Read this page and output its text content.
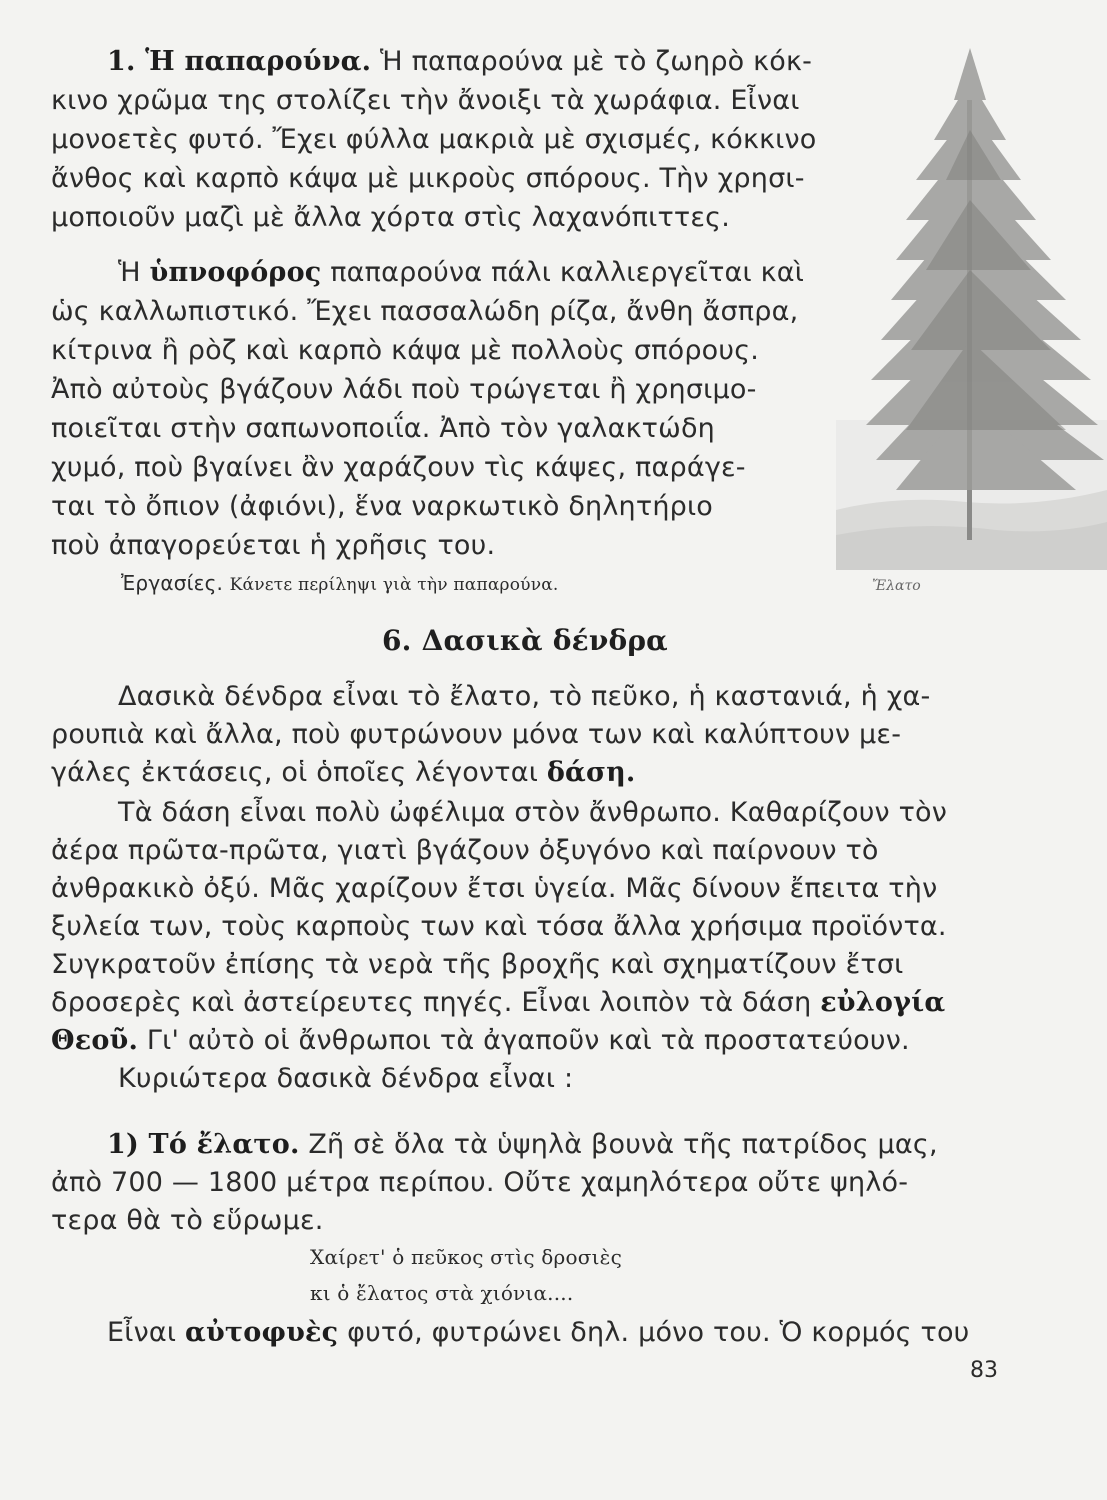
Ἔλατο
1. Ἡ παπαρούνα. Ἡ παπαρούνα μὲ τὸ ζωηρὸ κόκ-
κινο χρῶμα της στολίζει τὴν ἄνοιξι τὰ χωράφια. Εἶναι
μονοετὲς φυτό. Ἔχει φύλλα μακριὰ μὲ σχισμές, κόκκινο
ἄνθος καὶ καρπὸ κάψα μὲ μικροὺς σπόρους. Τὴν χρησι-
μοποιοῦν μαζὶ μὲ ἄλλα χόρτα στὶς λαχανόπιττες.
Ἡ ὑπνοφόρος παπαρούνα πάλι καλλιεργεῖται καὶ
ὡς καλλωπιστικό. Ἔχει πασσαλώδη ρίζα, ἄνθη ἄσπρα,
κίτρινα ἢ ρὸζ καὶ καρπὸ κάψα μὲ πολλοὺς σπόρους.
Ἀπὸ αὐτοὺς βγάζουν λάδι ποὺ τρώγεται ἢ χρησιμο-
ποιεῖται στὴν σαπωνοποιΐα. Ἀπὸ τὸν γαλακτώδη
χυμό, ποὺ βγαίνει ἂν χαράζουν τὶς κάψες, παράγε-
ται τὸ ὄπιον (ἀφιόνι), ἕνα ναρκωτικὸ δηλητήριο
ποὺ ἀπαγορεύεται ἡ χρῆσις του.
Ἐργασίες. Κάνετε περίληψι γιὰ τὴν παπαρούνα.
6. Δασικὰ δένδρα
Δασικὰ δένδρα εἶναι τὸ ἔλατο, τὸ πεῦκο, ἡ καστανιά, ἡ χα-
ρουπιὰ καὶ ἄλλα, ποὺ φυτρώνουν μόνα των καὶ καλύπτουν με-
γάλες ἐκτάσεις, οἱ ὁποῖες λέγονται δάση.
Τὰ δάση εἶναι πολὺ ὠφέλιμα στὸν ἄνθρωπο. Καθαρίζουν τὸν
ἀέρα πρῶτα-πρῶτα, γιατὶ βγάζουν ὀξυγόνο καὶ παίρνουν τὸ
ἀνθρακικὸ ὀξύ. Μᾶς χαρίζουν ἔτσι ὑγεία. Μᾶς δίνουν ἔπειτα τὴν
ξυλεία των, τοὺς καρποὺς των καὶ τόσα ἄλλα χρήσιμα προϊόντα.
Συγκρατοῦν ἐπίσης τὰ νερὰ τῆς βροχῆς καὶ σχηματίζουν ἔτσι
δροσερὲς καὶ ἀστείρευτες πηγές. Εἶναι λοιπὸν τὰ δάση εὐλογία
Θεοῦ. Γι' αὐτὸ οἱ ἄνθρωποι τὰ ἀγαποῦν καὶ τὰ προστατεύουν.
Κυριώτερα δασικὰ δένδρα εἶναι :
1) Τό ἔλατο. Ζῆ σὲ ὅλα τὰ ὑψηλὰ βουνὰ τῆς πατρίδος μας,
ἀπὸ 700 — 1800 μέτρα περίπου. Οὔτε χαμηλότερα οὔτε ψηλό-
τερα θὰ τὸ εὕρωμε.
Χαίρετ' ὁ πεῦκος στὶς δροσιὲς
κι ὁ ἔλατος στὰ χιόνια....
Εἶναι αὐτοφυὲς φυτό, φυτρώνει δηλ. μόνο του. Ὁ κορμός του
83
